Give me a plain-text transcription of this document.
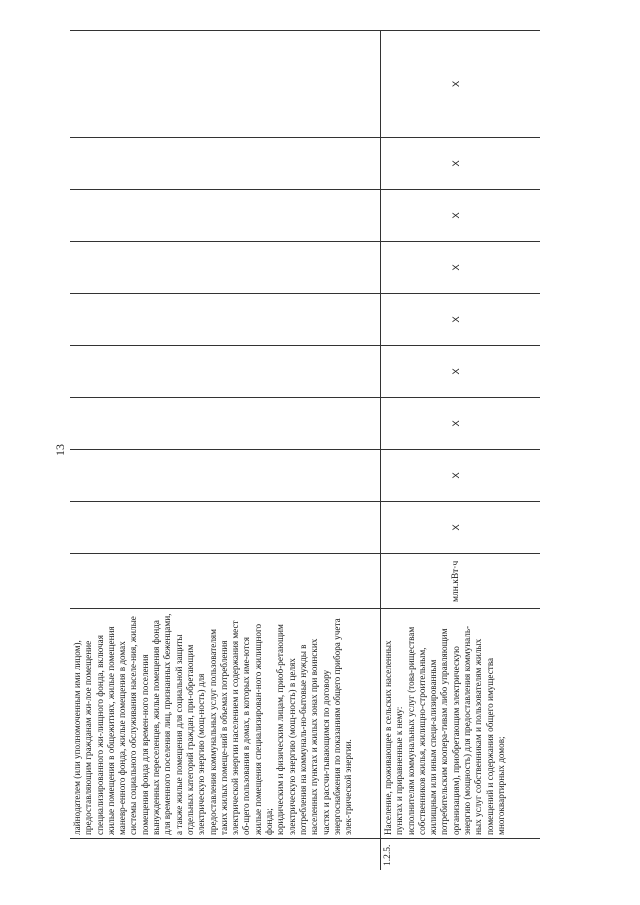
13

лайнодателем (или уполномоченным ими лицом), предоставляющим гражданам жи-лое помещение специализированного жи-лищного фонда, включая жилые помещения в общежитиях, жилые помещения маневр-енного фонда, жилые помещения в домах системы социального обслуживания населе-ния, жилые помещения фонда для времен-ного поселения вынужденных переселенцев, жилые помещения фонда для временного поселения лиц, признанных беженцами, а также жилые помещения для социальной защиты отдельных категорий граждан, при-обретающим электрическую энергию (мощ-ность) для предоставления коммунальных услуг пользователям таких жилых помеще-ний в объемах потребления электрической энергии населением и содержания мест об-щего пользования в домах, в которых име-ются жилые помещения специализирован-ного жилищного фонда; юридическим и физическим лицам, приоб-ретающим электрическую энергию (мощ-ность) в целях потребления на коммуналь-но-бытовые нужды в населенных пунктах и жилых зонах при воинских частях и рассчи-тывающимся по договору энергоснабжения по показаниям общего прибора учета элек-трической энергии.

1.2.5.

Население, проживающее в сельских населенных пунктах и приравненные к нему: исполнителям коммунальных услуг (това-риществам собственников жилья, жилищно-строительным, жилищным или иным специ-ализированным потребительским коопера-тивам либо управляющим организациям), приобретающим электрическую энергию (мощность) для предоставления коммуналь-ных услуг собственникам и пользователям жилых помещений и содержания общего имущества многоквартирных домов;

млн.кВт·ч
X
X
X
X
X
X
X
X
X
